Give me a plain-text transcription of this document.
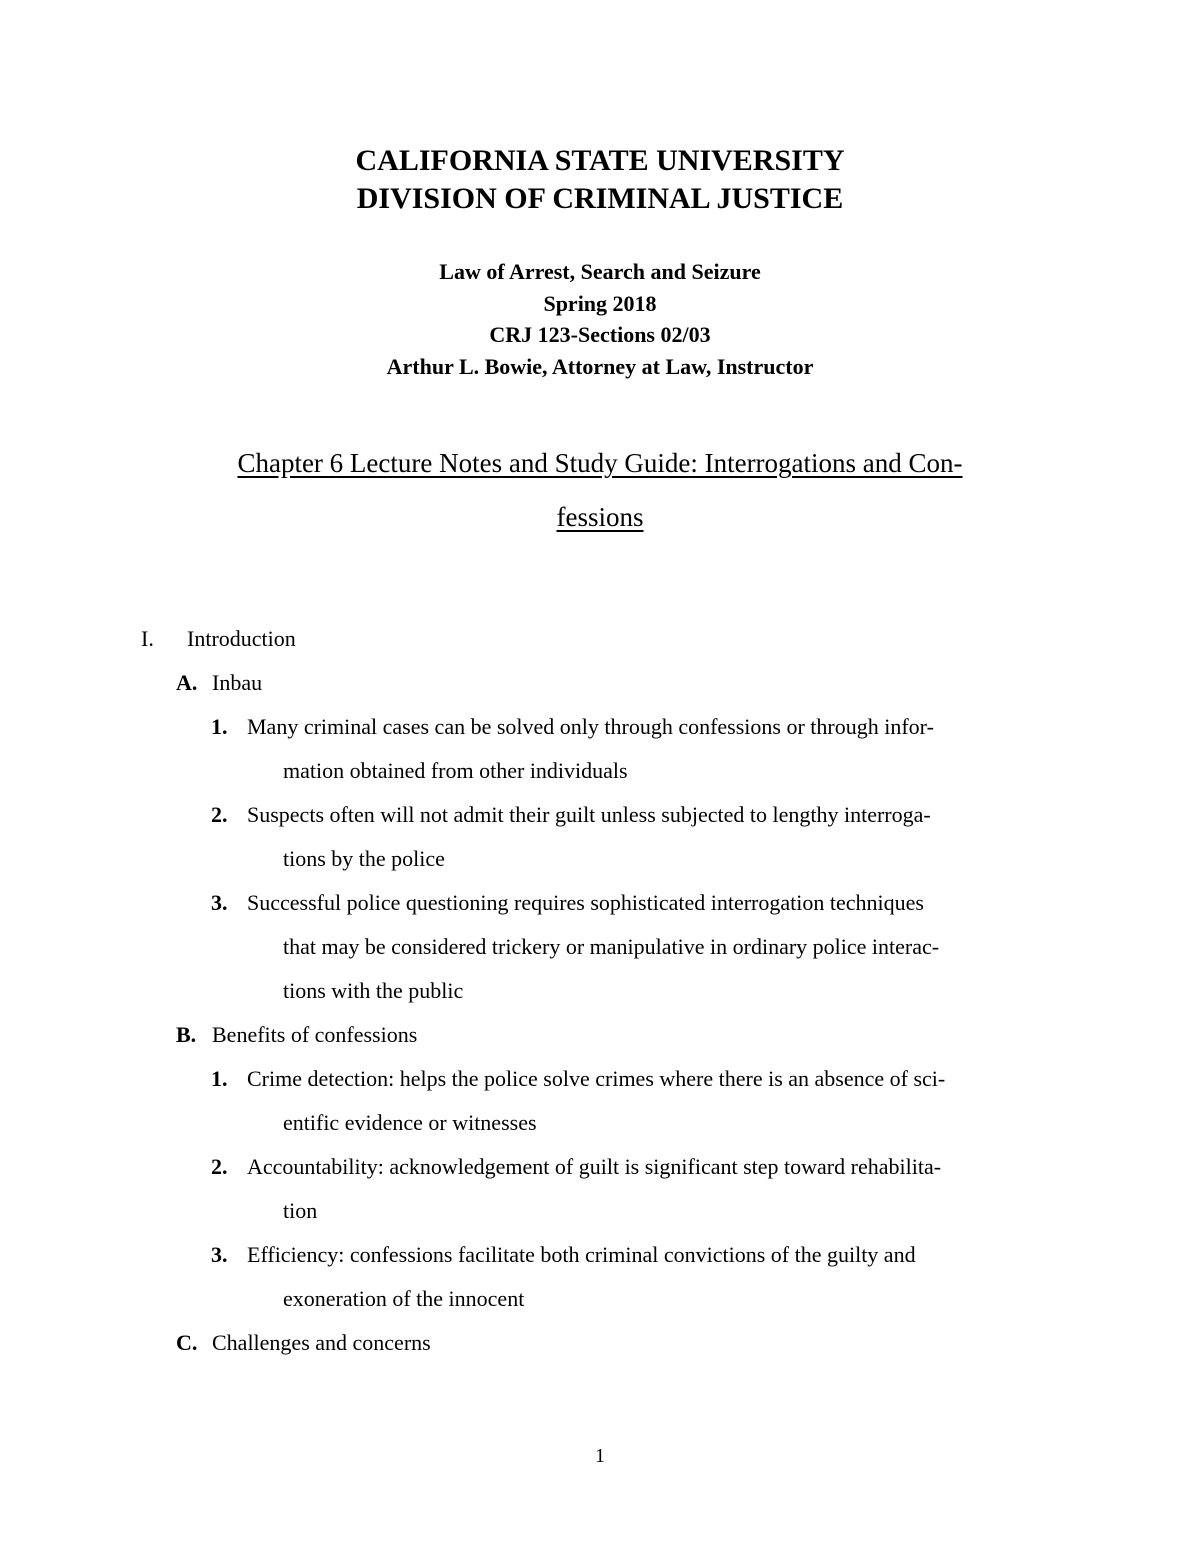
CALIFORNIA STATE UNIVERSITY
DIVISION OF CRIMINAL JUSTICE
Law of Arrest, Search and Seizure
Spring 2018
CRJ 123-Sections 02/03
Arthur L. Bowie, Attorney at Law, Instructor
Chapter 6 Lecture Notes and Study Guide: Interrogations and Con-
fessions
I. Introduction
A. Inbau
1. Many criminal cases can be solved only through confessions or through infor-
mation obtained from other individuals
2. Suspects often will not admit their guilt unless subjected to lengthy interroga-
tions by the police
3. Successful police questioning requires sophisticated interrogation techniques
that may be considered trickery or manipulative in ordinary police interac-
tions with the public
B. Benefits of confessions
1. Crime detection: helps the police solve crimes where there is an absence of sci-
entific evidence or witnesses
2. Accountability: acknowledgement of guilt is significant step toward rehabilita-
tion
3. Efficiency: confessions facilitate both criminal convictions of the guilty and
exoneration of the innocent
C. Challenges and concerns
1
